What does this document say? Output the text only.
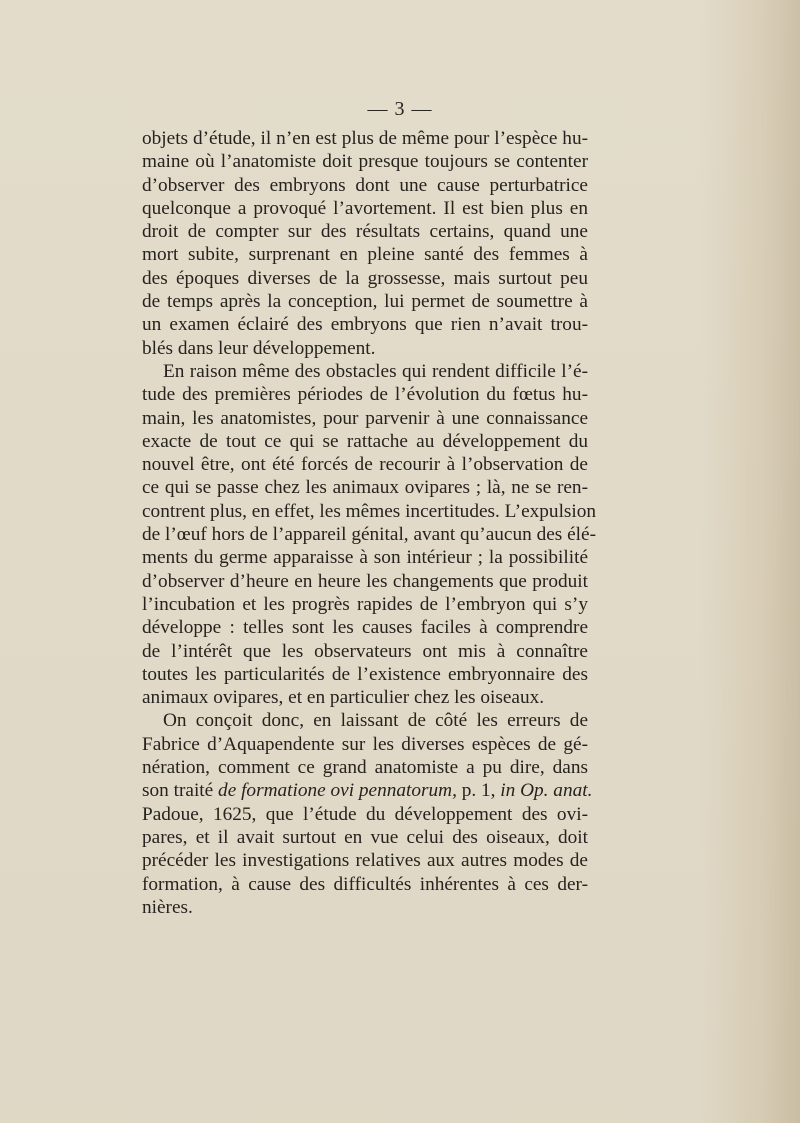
— 3 —

objets d’étude, il n’en est plus de même pour l’espèce hu-
maine où l’anatomiste doit presque toujours se contenter
d’observer des embryons dont une cause perturbatrice
quelconque a provoqué l’avortement. Il est bien plus en
droit de compter sur des résultats certains, quand une
mort subite, surprenant en pleine santé des femmes à
des époques diverses de la grossesse, mais surtout peu
de temps après la conception, lui permet de soumettre à
un examen éclairé des embryons que rien n’avait trou-
blés dans leur développement.

En raison même des obstacles qui rendent difficile l’é-
tude des premières périodes de l’évolution du fœtus hu-
main, les anatomistes, pour parvenir à une connaissance
exacte de tout ce qui se rattache au développement du
nouvel être, ont été forcés de recourir à l’observation de
ce qui se passe chez les animaux ovipares ; là, ne se ren-
contrent plus, en effet, les mêmes incertitudes. L’expulsion
de l’œuf hors de l’appareil génital, avant qu’aucun des élé-
ments du germe apparaisse à son intérieur ; la possibilité
d’observer d’heure en heure les changements que produit
l’incubation et les progrès rapides de l’embryon qui s’y
développe : telles sont les causes faciles à comprendre
de l’intérêt que les observateurs ont mis à connaître
toutes les particularités de l’existence embryonnaire des
animaux ovipares, et en particulier chez les oiseaux.

On conçoit donc, en laissant de côté les erreurs de
Fabrice d’Aquapendente sur les diverses espèces de gé-
nération, comment ce grand anatomiste a pu dire, dans
son traité de formatione ovi pennatorum, p. 1, in Op. anat.
Padoue, 1625, que l’étude du développement des ovi-
pares, et il avait surtout en vue celui des oiseaux, doit
précéder les investigations relatives aux autres modes de
formation, à cause des difficultés inhérentes à ces der-
nières.
